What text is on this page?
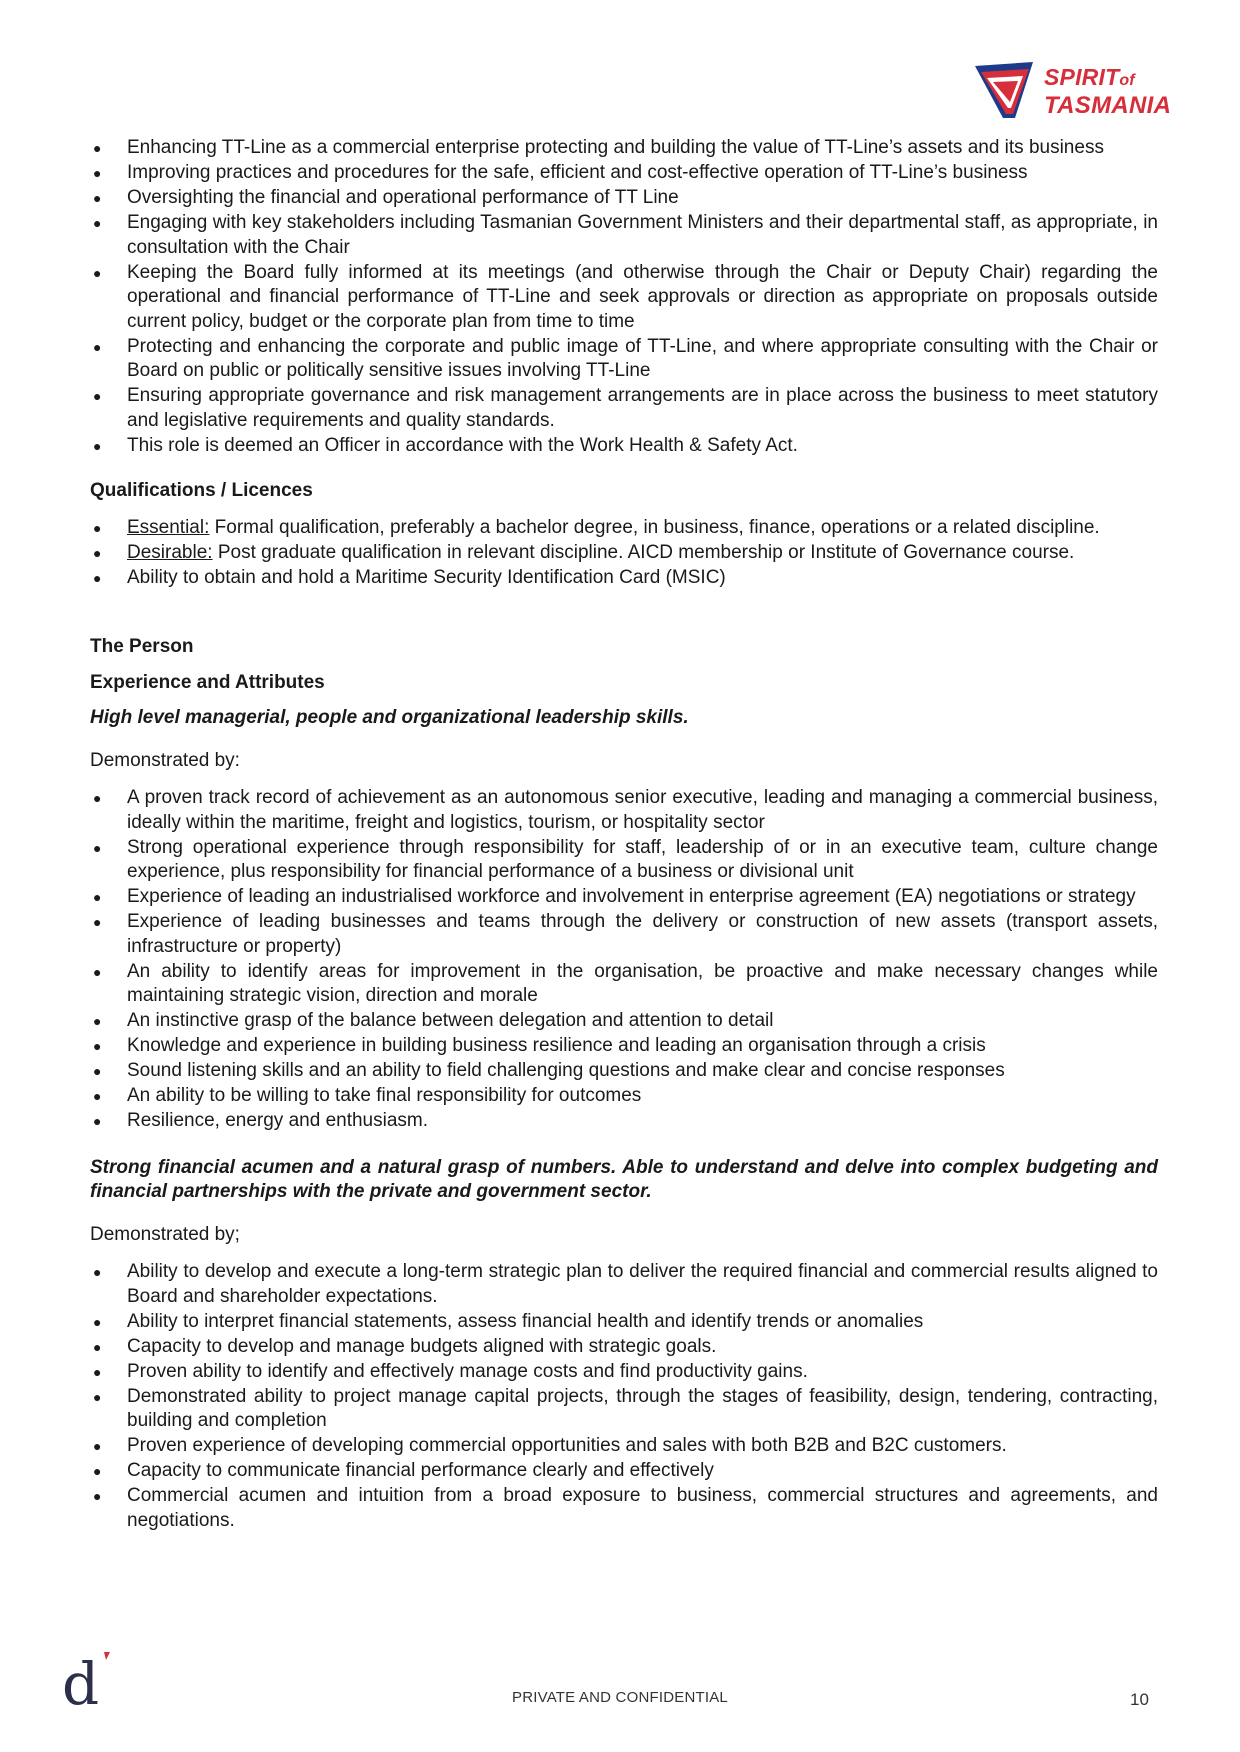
SPIRITof
TASMANIA
● Enhancing TT-Line as a commercial enterprise protecting and building the value of TT-Line’s assets and its business
● Improving practices and procedures for the safe, efficient and cost-effective operation of TT-Line’s business
● Oversighting the financial and operational performance of TT Line
● Engaging with key stakeholders including Tasmanian Government Ministers and their departmental staff, as appropriate, in consultation with the Chair
● Keeping the Board fully informed at its meetings (and otherwise through the Chair or Deputy Chair) regarding the operational and financial performance of TT-Line and seek approvals or direction as appropriate on proposals outside current policy, budget or the corporate plan from time to time
● Protecting and enhancing the corporate and public image of TT-Line, and where appropriate consulting with the Chair or Board on public or politically sensitive issues involving TT-Line
● Ensuring appropriate governance and risk management arrangements are in place across the business to meet statutory and legislative requirements and quality standards.
● This role is deemed an Officer in accordance with the Work Health & Safety Act.
Qualifications / Licences
● Essential: Formal qualification, preferably a bachelor degree, in business, finance, operations or a related discipline.
● Desirable: Post graduate qualification in relevant discipline. AICD membership or Institute of Governance course.
● Ability to obtain and hold a Maritime Security Identification Card (MSIC)
The Person
Experience and Attributes
High level managerial, people and organizational leadership skills.
Demonstrated by:
● A proven track record of achievement as an autonomous senior executive, leading and managing a commercial business, ideally within the maritime, freight and logistics, tourism, or hospitality sector
● Strong operational experience through responsibility for staff, leadership of or in an executive team, culture change experience, plus responsibility for financial performance of a business or divisional unit
● Experience of leading an industrialised workforce and involvement in enterprise agreement (EA) negotiations or strategy
● Experience of leading businesses and teams through the delivery or construction of new assets (transport assets, infrastructure or property)
● An ability to identify areas for improvement in the organisation, be proactive and make necessary changes while maintaining strategic vision, direction and morale
● An instinctive grasp of the balance between delegation and attention to detail
● Knowledge and experience in building business resilience and leading an organisation through a crisis
● Sound listening skills and an ability to field challenging questions and make clear and concise responses
● An ability to be willing to take final responsibility for outcomes
● Resilience, energy and enthusiasm.
Strong financial acumen and a natural grasp of numbers. Able to understand and delve into complex budgeting and financial partnerships with the private and government sector.
Demonstrated by;
● Ability to develop and execute a long-term strategic plan to deliver the required financial and commercial results aligned to Board and shareholder expectations.
● Ability to interpret financial statements, assess financial health and identify trends or anomalies
● Capacity to develop and manage budgets aligned with strategic goals.
● Proven ability to identify and effectively manage costs and find productivity gains.
● Demonstrated ability to project manage capital projects, through the stages of feasibility, design, tendering, contracting, building and completion
● Proven experience of developing commercial opportunities and sales with both B2B and B2C customers.
● Capacity to communicate financial performance clearly and effectively
● Commercial acumen and intuition from a broad exposure to business, commercial structures and agreements, and negotiations.
d	PRIVATE AND CONFIDENTIAL	10
